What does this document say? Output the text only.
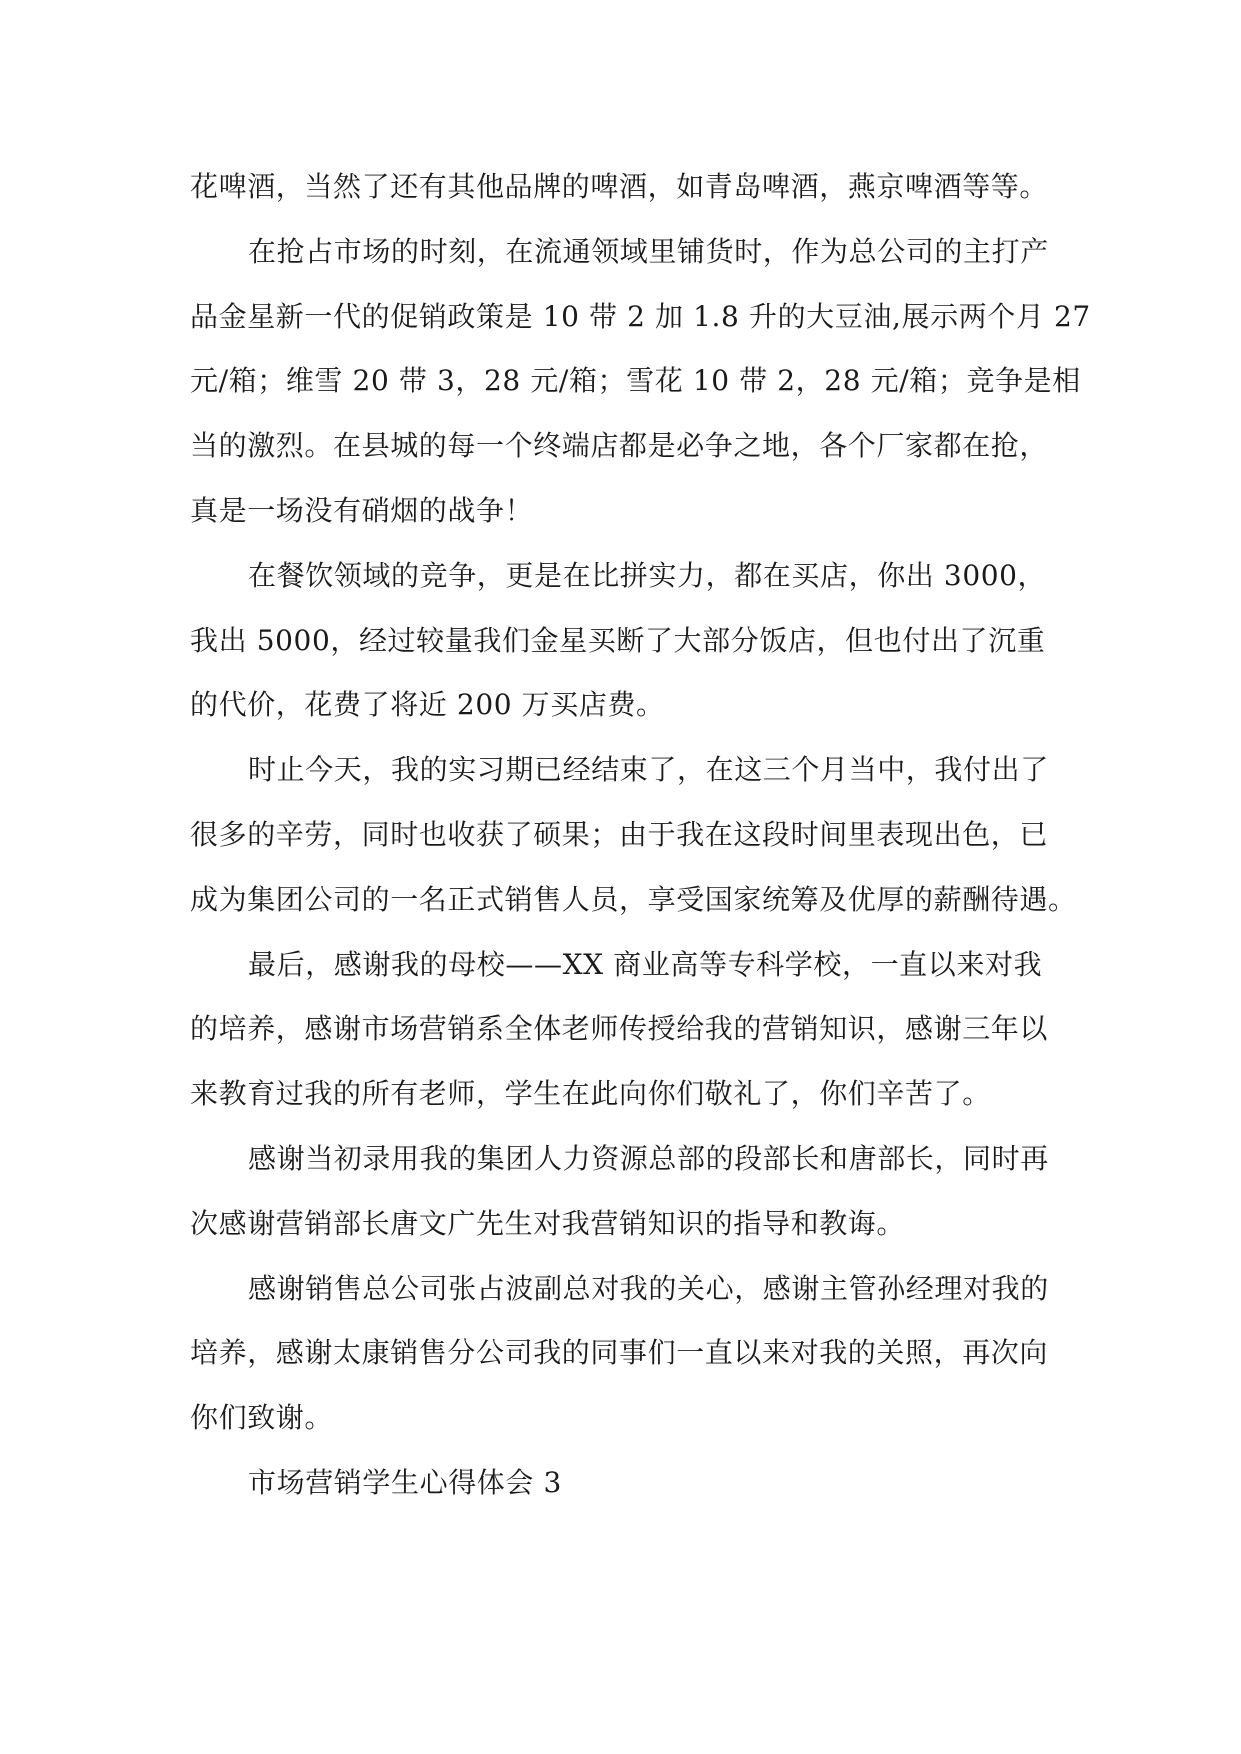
花啤酒，当然了还有其他品牌的啤酒，如青岛啤酒，燕京啤酒等等。
在抢占市场的时刻，在流通领域里铺货时，作为总公司的主打产
品金星新一代的促销政策是 10 带 2 加 1.8 升的大豆油,展示两个月 27
元/箱；维雪 20 带 3，28 元/箱；雪花 10 带 2，28 元/箱；竞争是相
当的激烈。在县城的每一个终端店都是必争之地，各个厂家都在抢，
真是一场没有硝烟的战争！
在餐饮领域的竞争，更是在比拼实力，都在买店，你出 3000，
我出 5000，经过较量我们金星买断了大部分饭店，但也付出了沉重
的代价，花费了将近 200 万买店费。
时止今天，我的实习期已经结束了，在这三个月当中，我付出了
很多的辛劳，同时也收获了硕果；由于我在这段时间里表现出色，已
成为集团公司的一名正式销售人员，享受国家统筹及优厚的薪酬待遇。
最后，感谢我的母校——XX 商业高等专科学校，一直以来对我
的培养，感谢市场营销系全体老师传授给我的营销知识，感谢三年以
来教育过我的所有老师，学生在此向你们敬礼了，你们辛苦了。
感谢当初录用我的集团人力资源总部的段部长和唐部长，同时再
次感谢营销部长唐文广先生对我营销知识的指导和教诲。
感谢销售总公司张占波副总对我的关心，感谢主管孙经理对我的
培养，感谢太康销售分公司我的同事们一直以来对我的关照，再次向
你们致谢。
市场营销学生心得体会 3
